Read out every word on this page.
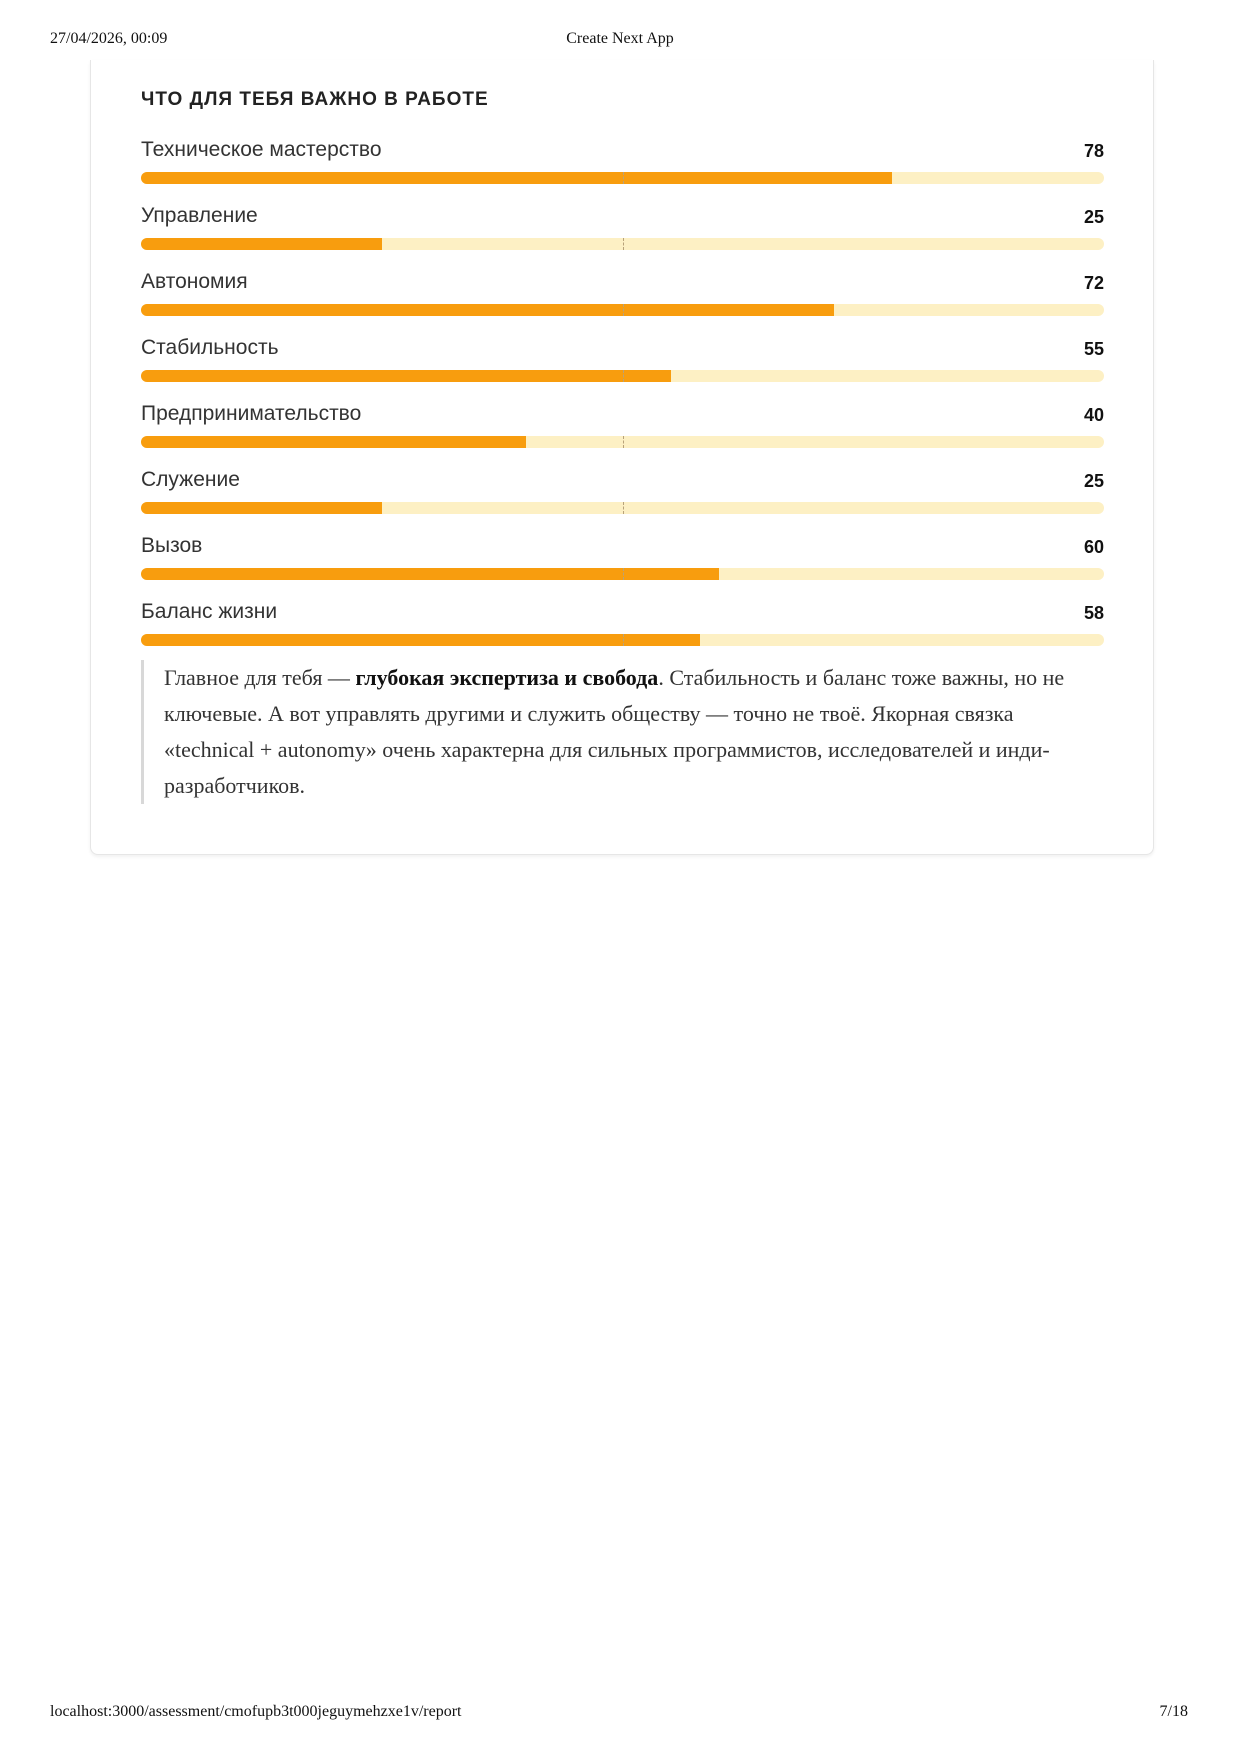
27/04/2026, 00:09	Create Next App
ЧТО ДЛЯ ТЕБЯ ВАЖНО В РАБОТЕ
Техническое мастерство	78
Управление	25
Автономия	72
Стабильность	55
Предпринимательство	40
Служение	25
Вызов	60
Баланс жизни	58
Главное для тебя — глубокая экспертиза и свобода. Стабильность и баланс тоже важны, но не ключевые. А вот управлять другими и служить обществу — точно не твоё. Якорная связка «technical + autonomy» очень характерна для сильных программистов, исследователей и инди-разработчиков.
localhost:3000/assessment/cmofupb3t000jeguymehzxe1v/report	7/18
